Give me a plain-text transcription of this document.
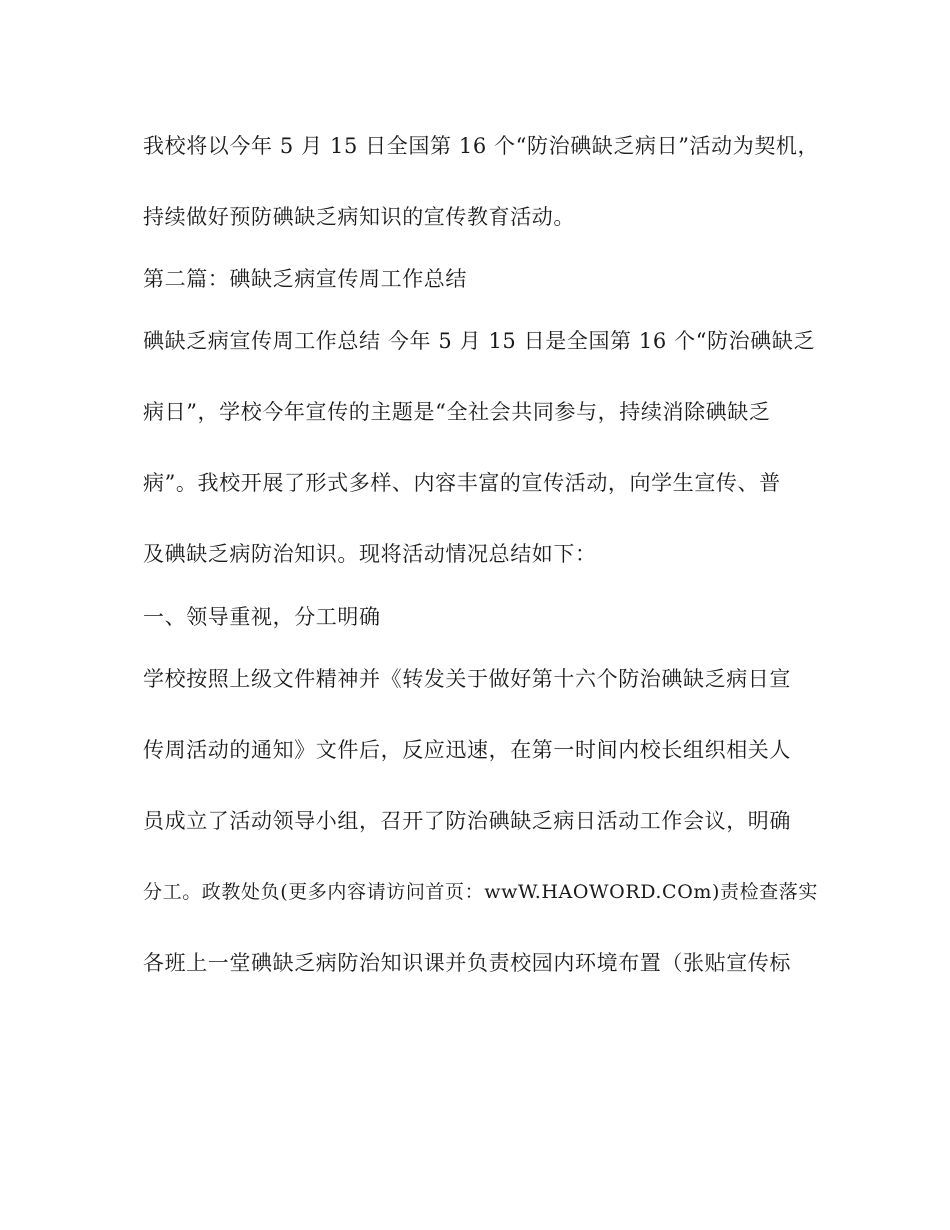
我校将以今年 5 月 15 日全国第 16 个“防治碘缺乏病日”活动为契机，
持续做好预防碘缺乏病知识的宣传教育活动。
第二篇：碘缺乏病宣传周工作总结
碘缺乏病宣传周工作总结 今年 5 月 15 日是全国第 16 个“防治碘缺乏
病日”，学校今年宣传的主题是“全社会共同参与，持续消除碘缺乏
病”。我校开展了形式多样、内容丰富的宣传活动，向学生宣传、普
及碘缺乏病防治知识。现将活动情况总结如下：
一、领导重视，分工明确
学校按照上级文件精神并《转发关于做好第十六个防治碘缺乏病日宣
传周活动的通知》文件后，反应迅速，在第一时间内校长组织相关人
员成立了活动领导小组，召开了防治碘缺乏病日活动工作会议，明确
分工。政教处负(更多内容请访问首页：wwW.HAOWORD.COm)责检查落实
各班上一堂碘缺乏病防治知识课并负责校园内环境布置（张贴宣传标
